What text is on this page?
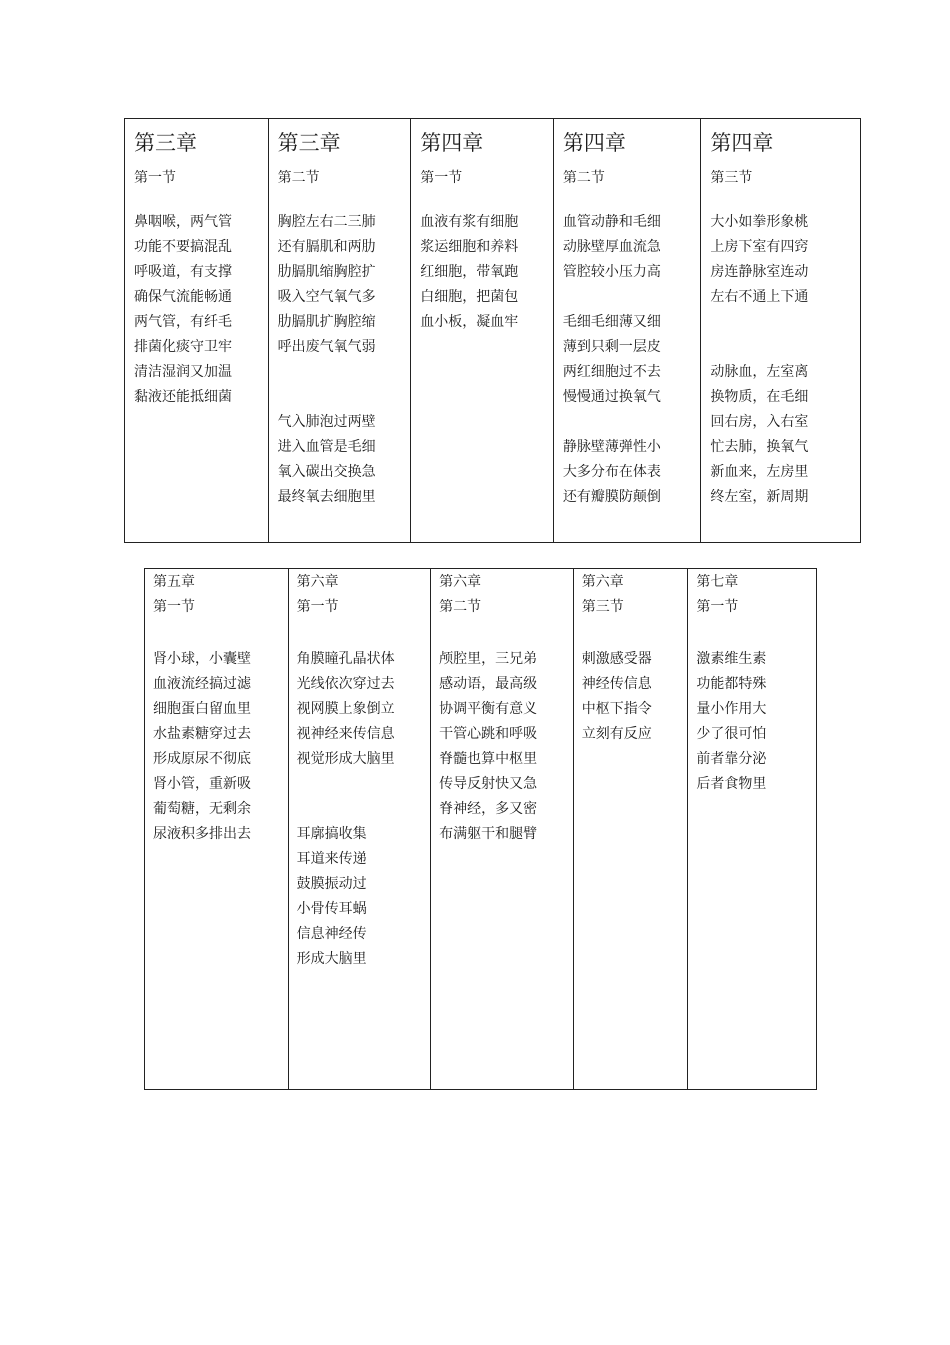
第三章
第一节
鼻咽喉，两气管
功能不要搞混乱
呼吸道，有支撑
确保气流能畅通
两气管，有纤毛
排菌化痰守卫牢
清洁湿润又加温
黏液还能抵细菌
第三章
第二节
胸腔左右二三肺
还有膈肌和两肋
肋膈肌缩胸腔扩
吸入空气氧气多
肋膈肌扩胸腔缩
呼出废气氧气弱
气入肺泡过两壁
进入血管是毛细
氧入碳出交换急
最终氧去细胞里
第四章
第一节
血液有浆有细胞
浆运细胞和养料
红细胞，带氧跑
白细胞，把菌包
血小板，凝血牢
第四章
第二节
血管动静和毛细
动脉壁厚血流急
管腔较小压力高
毛细毛细薄又细
薄到只剩一层皮
两红细胞过不去
慢慢通过换氧气
静脉壁薄弹性小
大多分布在体表
还有瓣膜防颠倒
第四章
第三节
大小如拳形象桃
上房下室有四窍
房连静脉室连动
左右不通上下通
动脉血，左室离
换物质，在毛细
回右房，入右室
忙去肺，换氧气
新血来，左房里
终左室，新周期
第五章
第一节
肾小球，小囊壁
血液流经搞过滤
细胞蛋白留血里
水盐素糖穿过去
形成原尿不彻底
肾小管，重新吸
葡萄糖，无剩余
尿液积多排出去
第六章
第一节
角膜瞳孔晶状体
光线依次穿过去
视网膜上象倒立
视神经来传信息
视觉形成大脑里
耳廓搞收集
耳道来传递
鼓膜振动过
小骨传耳蜗
信息神经传
形成大脑里
第六章
第二节
颅腔里，三兄弟
感动语，最高级
协调平衡有意义
干管心跳和呼吸
脊髓也算中枢里
传导反射快又急
脊神经，多又密
布满躯干和腿臂
第六章
第三节
刺激感受器
神经传信息
中枢下指令
立刻有反应
第七章
第一节
激素维生素
功能都特殊
量小作用大
少了很可怕
前者靠分泌
后者食物里
